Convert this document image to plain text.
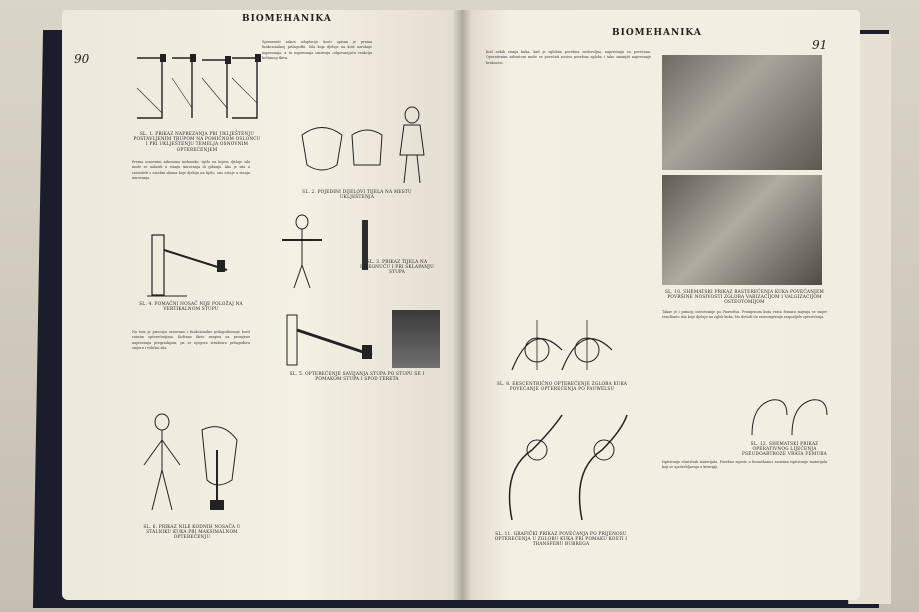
BIOMEHANIKA
90
SL. 1. PRIKAZ NAPREZANJA PRI UKLJEŠTENJU POSTAVLJENIM TRUPOM NA POMIČNOM OSLONCU I PRI UKLJEŠTENJU TEMELJA OSNOVNIM OPTEREĆENJEM
Prema osnovnim zakonima mehanike, tijelo na kojem djeluje sila može se nalaziti u stanju mirovanja ili gibanja. Ako je sila u ravnoteži s ostalim silama koje djeluju na tijelo, ono ostaje u stanju mirovanja.
SL. 4. POMAČNI NOSAČ NIJE POLOŽAJ NA VERTIKALNOM STUPU
Na tom je principu osnovano i funkcionalno prilagođavanje kosti raznim opterećenjima. Koštano tkivo reagira na promjene naprezanja pregradnjom, pa se njegova struktura prilagođava smjeru i veličini sila.
SL. 6. PRIKAZ NILE KODNIH NOSAČA U STALNIKU KUKA PRI MAKSIMALNOM OPTEREĆENJU
Spomenuti zakon adaptacije kosti opisan je prema funkcionalnoj prilagodbi. Sila koja djeluje na kost uzrokuje naprezanja, a ta naprezanja izazivaju odgovarajuću reakciju koštanog tkiva.
SL. 2. POJEDINI DIJELOVI TIJELA NA MESTU UKLJEŠTENJA
SL. 3. PRIKAZ TIJELA NA ISTEGNUĆU I PRI SKLAPANJU STUPA
SL. 5. OPTEREĆENJE SAVIJANJA STUPA PO STUPU SE I POMAKOM STUPA I SPOD TERETA
BIOMEHANIKA
91
Kod nekih stanja kuka, kad je zglobna površina nedovoljna, naprezanja su povećana. Operativnim zahvatom može se povećati nosiva površina zgloba i tako smanjiti naprezanje hrskavice.
SL. 10. SHEMATSKI PRIKAZ RASTEREĆENJA KUKA POVEĆANJEM POVRŠINE NOSIVOSTI ZGLOBA VARIZACIJOM I VALGIZACIJOM OSTEOTOMIJOM
SL. 8. EKSCENTRIČNO OPTEREĆENJE ZGLOBA KUKA POVEĆANJE OPTEREĆENJA PO PAUWELSU
SL. 11. GRAFIČKI PRIKAZ POVEĆANJA PO PRIJENOSU OPTEREĆENJA U ZGLOBU KUKA PRI POMAKU KOSTI I TRANSFERU BUBREGA
Takav je i princip osteotomije po Pauwelsu. Promjenom kuta vrata femura mijenja se smjer rezultante sila koje djeluju na zglob kuka, što dovodi do ravnomjernije raspodjele opterećenja.
SL. 12. SHEMATSKI PRIKAZ OPERATIVNOG LIJEČENJA PSEUDOARTROZE VRATA FEMURA
Ispitivanje elastičnih materijala. Posebno mjesto u biomehanici zauzima ispitivanje materijala koji se upotrebljavaju u kirurgiji.
